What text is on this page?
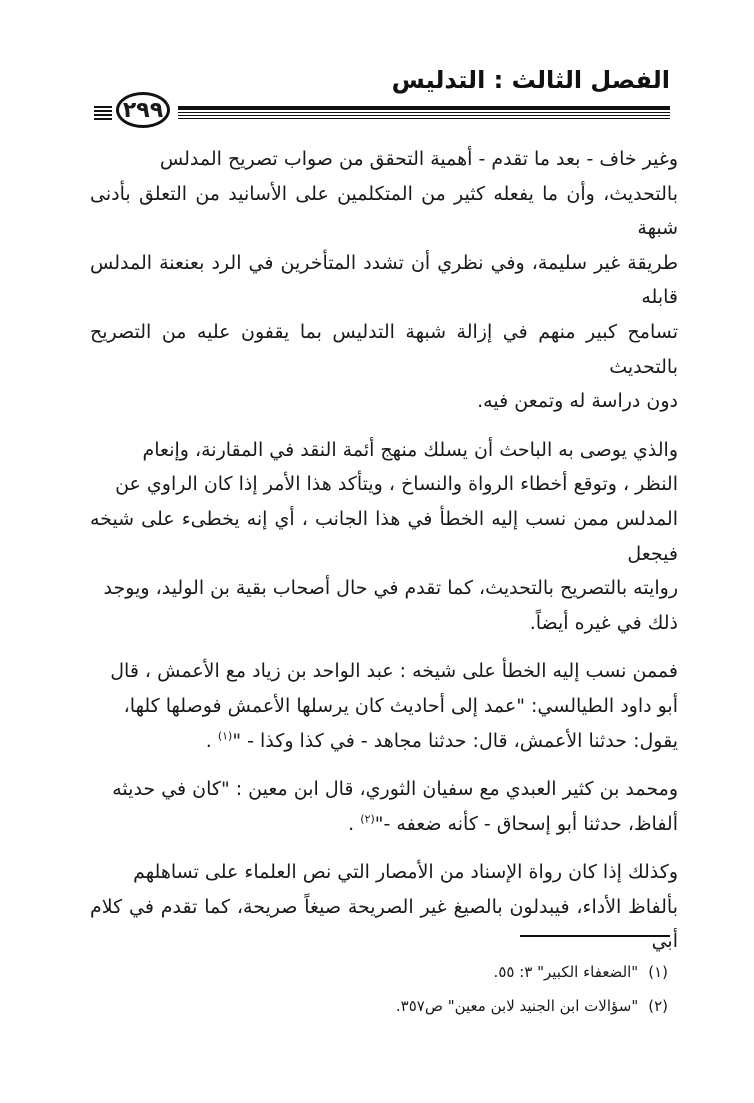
الفصل الثالث : التدليس
٢٩٩

وغير خاف - بعد ما تقدم - أهمية التحقق من صواب تصريح المدلس
بالتحديث، وأن ما يفعله كثير من المتكلمين على الأسانيد من التعلق بأدنى شبهة
طريقة غير سليمة، وفي نظري أن تشدد المتأخرين في الرد بعنعنة المدلس قابله
تسامح كبير منهم في إزالة شبهة التدليس بما يقفون عليه من التصريح بالتحديث
دون دراسة له وتمعن فيه.

والذي يوصى به الباحث أن يسلك منهج أئمة النقد في المقارنة، وإنعام
النظر ، وتوقع أخطاء الرواة والنساخ ، ويتأكد هذا الأمر إذا كان الراوي عن
المدلس ممن نسب إليه الخطأ في هذا الجانب ، أي إنه يخطىء على شيخه فيجعل
روايته بالتصريح بالتحديث، كما تقدم في حال أصحاب بقية بن الوليد، ويوجد
ذلك في غيره أيضاً.

فممن نسب إليه الخطأ على شيخه : عبد الواحد بن زياد مع الأعمش ، قال
أبو داود الطيالسي: "عمد إلى أحاديث كان يرسلها الأعمش فوصلها كلها،
يقول: حدثنا الأعمش، قال: حدثنا مجاهد - في كذا وكذا - "$^{(١)}$ .

ومحمد بن كثير العبدي مع سفيان الثوري، قال ابن معين : "كان في حديثه
ألفاظ، حدثنا أبو إسحاق - كأنه ضعفه -"$^{(٢)}$ .

وكذلك إذا كان رواة الإسناد من الأمصار التي نص العلماء على تساهلهم
بألفاظ الأداء، فيبدلون بالصيغ غير الصريحة صيغاً صريحة، كما تقدم في كلام أبي

(١)"الضعفاء الكبير" ٣: ٥٥.
(٢)"سؤالات ابن الجنيد لابن معين" ص٣٥٧.
